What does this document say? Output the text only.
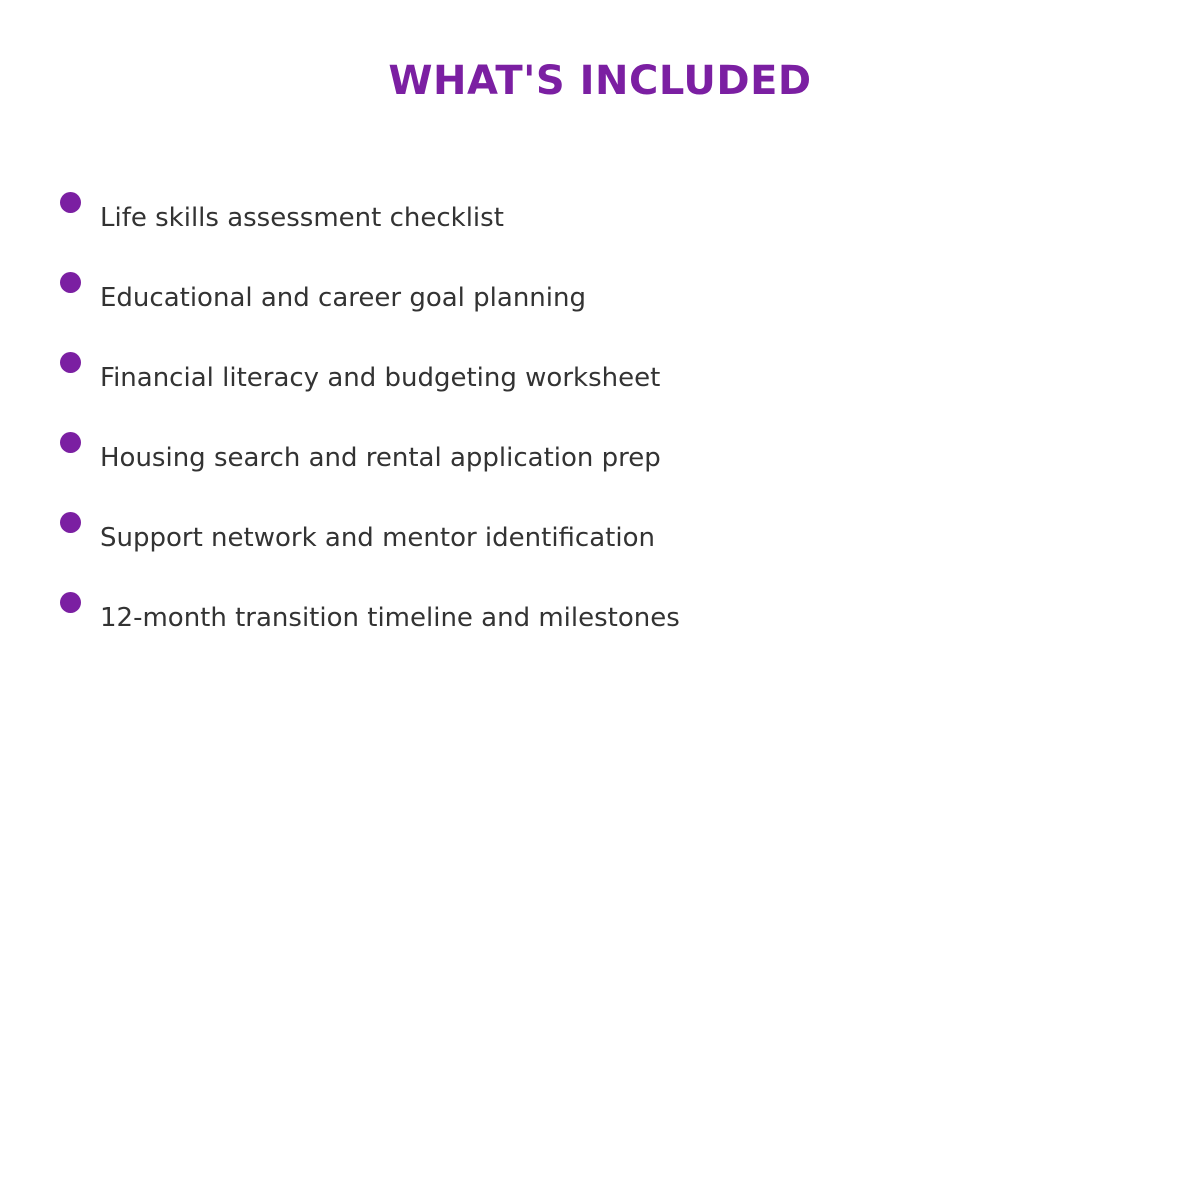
WHAT'S INCLUDED
Life skills assessment checklist
Educational and career goal planning
Financial literacy and budgeting worksheet
Housing search and rental application prep
Support network and mentor identification
12-month transition timeline and milestones
